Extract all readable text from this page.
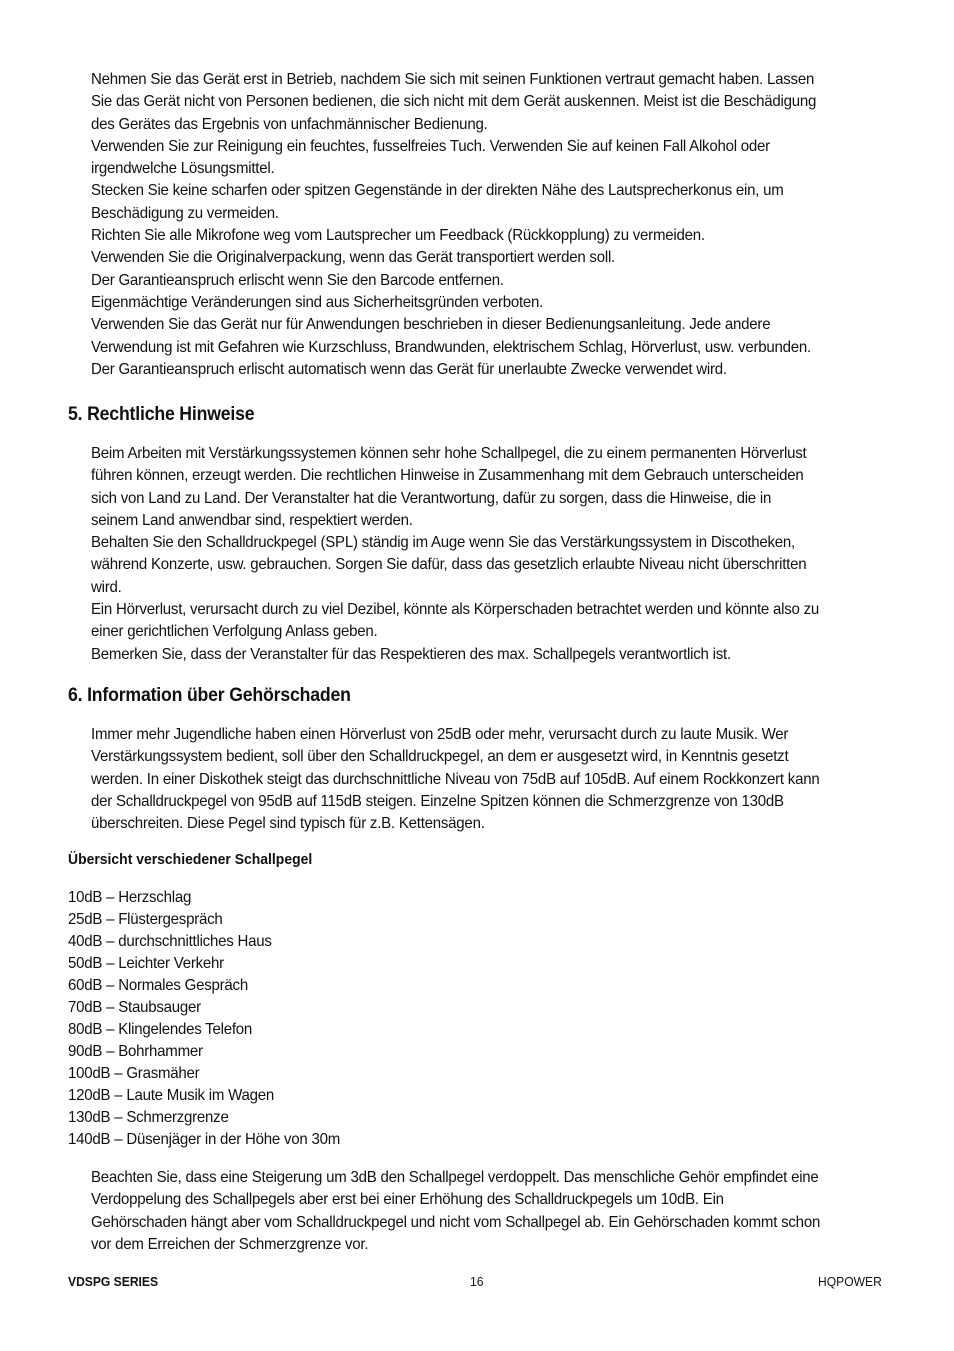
Nehmen Sie das Gerät erst in Betrieb, nachdem Sie sich mit seinen Funktionen vertraut gemacht haben. Lassen
Sie das Gerät nicht von Personen bedienen, die sich nicht mit dem Gerät auskennen. Meist ist die Beschädigung
des Gerätes das Ergebnis von unfachmännischer Bedienung.
Verwenden Sie zur Reinigung ein feuchtes, fusselfreies Tuch. Verwenden Sie auf keinen Fall Alkohol oder
irgendwelche Lösungsmittel.
Stecken Sie keine scharfen oder spitzen Gegenstände in der direkten Nähe des Lautsprecherkonus ein, um
Beschädigung zu vermeiden.
Richten Sie alle Mikrofone weg vom Lautsprecher um Feedback (Rückkopplung) zu vermeiden.
Verwenden Sie die Originalverpackung, wenn das Gerät transportiert werden soll.
Der Garantieanspruch erlischt wenn Sie den Barcode entfernen.
Eigenmächtige Veränderungen sind aus Sicherheitsgründen verboten.
Verwenden Sie das Gerät nur für Anwendungen beschrieben in dieser Bedienungsanleitung. Jede andere
Verwendung ist mit Gefahren wie Kurzschluss, Brandwunden, elektrischem Schlag, Hörverlust, usw. verbunden.
Der Garantieanspruch erlischt automatisch wenn das Gerät für unerlaubte Zwecke verwendet wird.
5. Rechtliche Hinweise
Beim Arbeiten mit Verstärkungssystemen können sehr hohe Schallpegel, die zu einem permanenten Hörverlust
führen können, erzeugt werden. Die rechtlichen Hinweise in Zusammenhang mit dem Gebrauch unterscheiden
sich von Land zu Land. Der Veranstalter hat die Verantwortung, dafür zu sorgen, dass die Hinweise, die in
seinem Land anwendbar sind, respektiert werden.
Behalten Sie den Schalldruckpegel (SPL) ständig im Auge wenn Sie das Verstärkungssystem in Discotheken,
während Konzerte, usw. gebrauchen. Sorgen Sie dafür, dass das gesetzlich erlaubte Niveau nicht überschritten
wird.
Ein Hörverlust, verursacht durch zu viel Dezibel, könnte als Körperschaden betrachtet werden und könnte also zu
einer gerichtlichen Verfolgung Anlass geben.
Bemerken Sie, dass der Veranstalter für das Respektieren des max. Schallpegels verantwortlich ist.
6. Information über Gehörschaden
Immer mehr Jugendliche haben einen Hörverlust von 25dB oder mehr, verursacht durch zu laute Musik. Wer
Verstärkungssystem bedient, soll über den Schalldruckpegel, an dem er ausgesetzt wird, in Kenntnis gesetzt
werden. In einer Diskothek steigt das durchschnittliche Niveau von 75dB auf 105dB. Auf einem Rockkonzert kann
der Schalldruckpegel von 95dB auf 115dB steigen. Einzelne Spitzen können die Schmerzgrenze von 130dB
überschreiten. Diese Pegel sind typisch für z.B. Kettensägen.
Übersicht verschiedener Schallpegel
10dB – Herzschlag
25dB – Flüstergespräch
40dB – durchschnittliches Haus
50dB – Leichter Verkehr
60dB – Normales Gespräch
70dB – Staubsauger
80dB – Klingelendes Telefon
90dB – Bohrhammer
100dB – Grasmäher
120dB – Laute Musik im Wagen
130dB – Schmerzgrenze
140dB – Düsenjäger in der Höhe von 30m
Beachten Sie, dass eine Steigerung um 3dB den Schallpegel verdoppelt. Das menschliche Gehör empfindet eine
Verdoppelung des Schallpegels aber erst bei einer Erhöhung des Schalldruckpegels um 10dB. Ein
Gehörschaden hängt aber vom Schalldruckpegel und nicht vom Schallpegel ab. Ein Gehörschaden kommt schon
vor dem Erreichen der Schmerzgrenze vor.
VDSPG SERIES	16	HQPOWER
